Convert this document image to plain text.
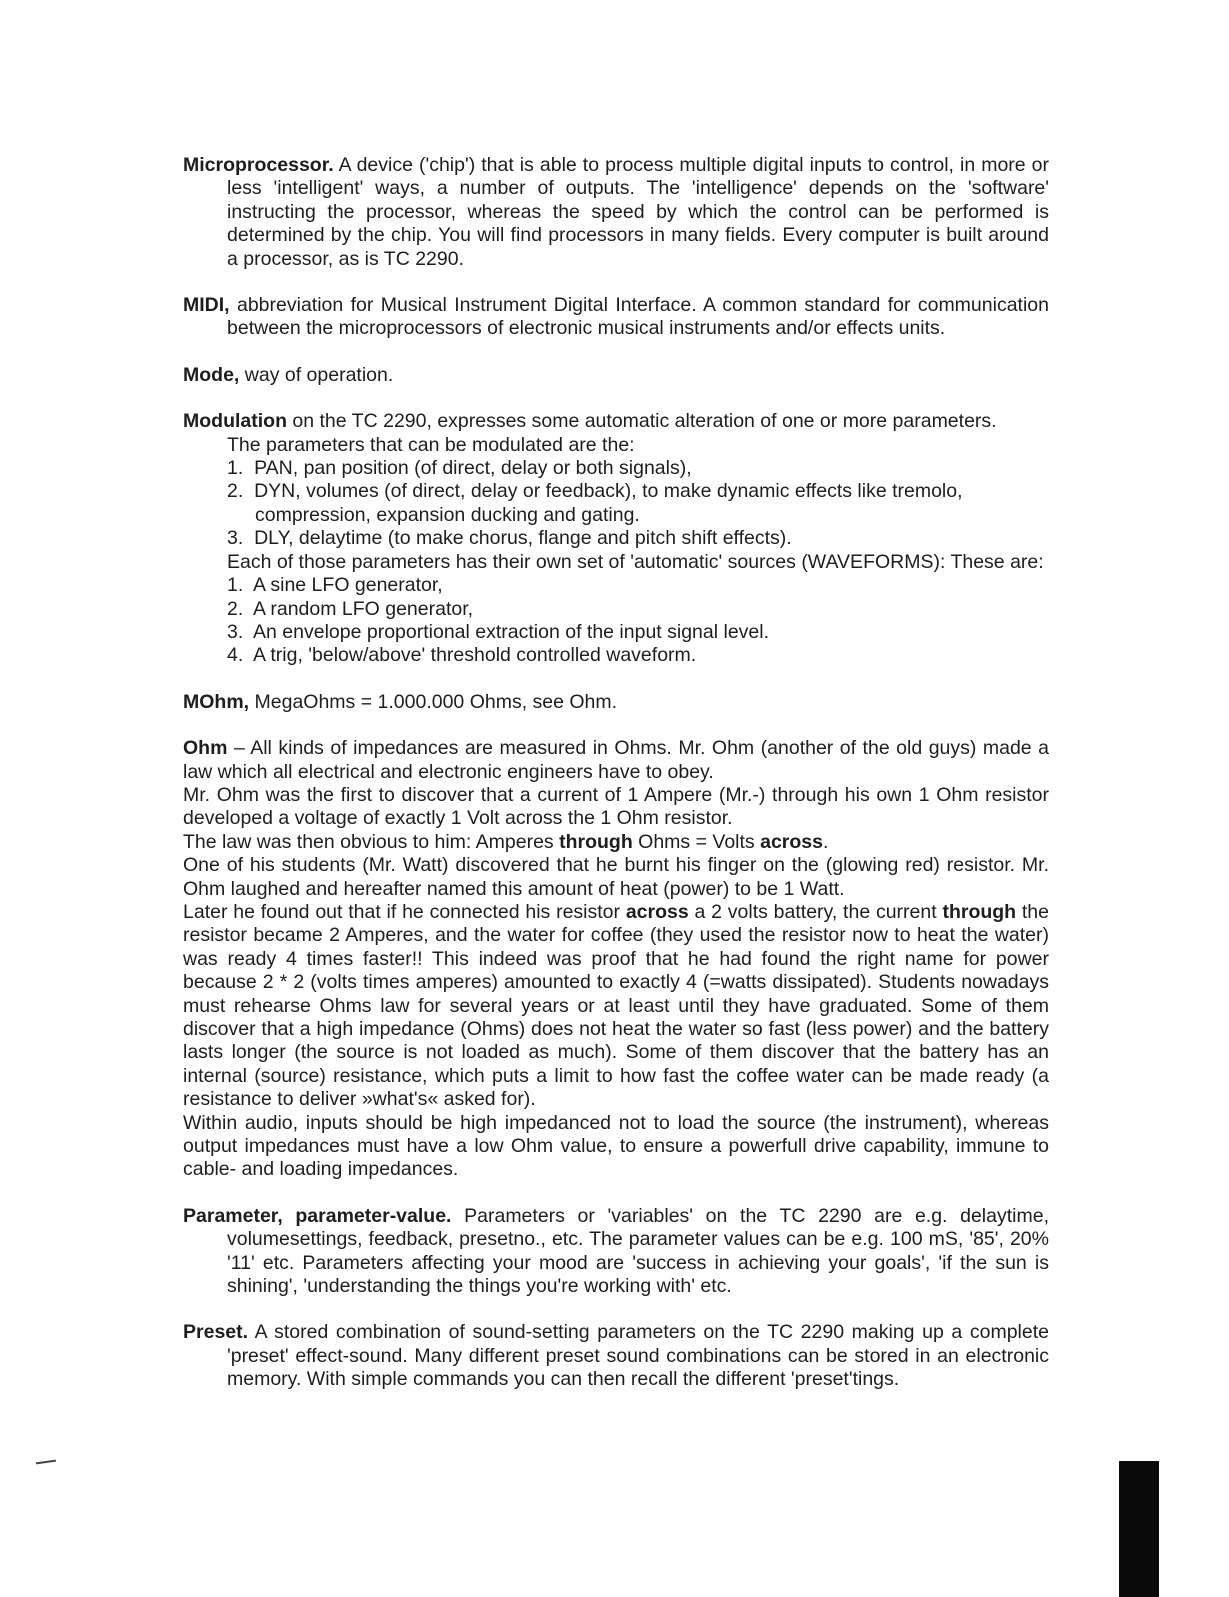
Microprocessor. A device ('chip') that is able to process multiple digital inputs to control, in more or less 'intelligent' ways, a number of outputs. The 'intelligence' depends on the 'software' instructing the processor, whereas the speed by which the control can be performed is determined by the chip. You will find processors in many fields. Every computer is built around a processor, as is TC 2290.

MIDI, abbreviation for Musical Instrument Digital Interface. A common standard for communication between the microprocessors of electronic musical instruments and/or effects units.

Mode, way of operation.

Modulation on the TC 2290, expresses some automatic alteration of one or more parameters.

The parameters that can be modulated are the:

1.  PAN, pan position (of direct, delay or both signals),

2.  DYN, volumes (of direct, delay or feedback), to make dynamic effects like tremolo, compression, expansion ducking and gating.

3.  DLY, delaytime (to make chorus, flange and pitch shift effects).

Each of those parameters has their own set of 'automatic' sources (WAVEFORMS): These are:

1.  A sine LFO generator,

2.  A random LFO generator,

3.  An envelope proportional extraction of the input signal level.

4.  A trig, 'below/above' threshold controlled waveform.

MOhm, MegaOhms = 1.000.000 Ohms, see Ohm.

Ohm – All kinds of impedances are measured in Ohms. Mr. Ohm (another of the old guys) made a law which all electrical and electronic engineers have to obey.

Mr. Ohm was the first to discover that a current of 1 Ampere (Mr.-) through his own 1 Ohm resistor developed a voltage of exactly 1 Volt across the 1 Ohm resistor.

The law was then obvious to him: Amperes through Ohms = Volts across.

One of his students (Mr. Watt) discovered that he burnt his finger on the (glowing red) resistor. Mr. Ohm laughed and hereafter named this amount of heat (power) to be 1 Watt.

Later he found out that if he connected his resistor across a 2 volts battery, the current through the resistor became 2 Amperes, and the water for coffee (they used the resistor now to heat the water) was ready 4 times faster!! This indeed was proof that he had found the right name for power because 2 * 2 (volts times amperes) amounted to exactly 4 (=watts dissipated). Students nowadays must rehearse Ohms law for several years or at least until they have graduated. Some of them discover that a high impedance (Ohms) does not heat the water so fast (less power) and the battery lasts longer (the source is not loaded as much). Some of them discover that the battery has an internal (source) resistance, which puts a limit to how fast the coffee water can be made ready (a resistance to deliver »what's« asked for).

Within audio, inputs should be high impedanced not to load the source (the instrument), whereas output impedances must have a low Ohm value, to ensure a powerfull drive capability, immune to cable- and loading impedances.

Parameter, parameter-value. Parameters or 'variables' on the TC 2290 are e.g. delaytime, volumesettings, feedback, presetno., etc. The parameter values can be e.g. 100 mS, '85', 20% '11' etc. Parameters affecting your mood are 'success in achieving your goals', 'if the sun is shining', 'understanding the things you're working with' etc.

Preset. A stored combination of sound-setting parameters on the TC 2290 making up a complete 'preset' effect-sound. Many different preset sound combinations can be stored in an electronic memory. With simple commands you can then recall the different 'preset'tings.
